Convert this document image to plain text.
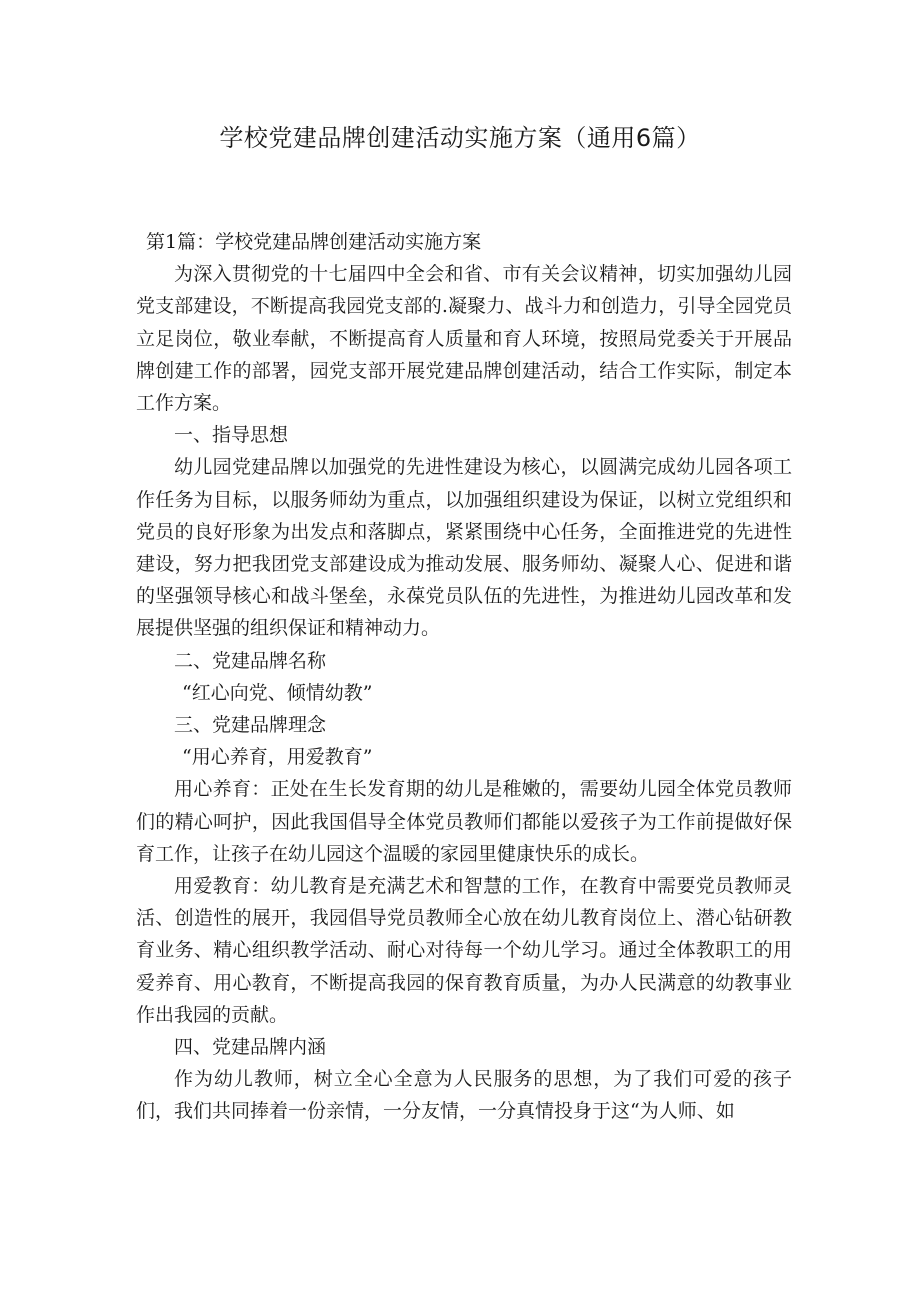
学校党建品牌创建活动实施方案（通用6篇）

第1篇：学校党建品牌创建活动实施方案

为深入贯彻党的十七届四中全会和省、市有关会议精神，切实加强幼儿园党支部建设，不断提高我园党支部的.凝聚力、战斗力和创造力，引导全园党员立足岗位，敬业奉献，不断提高育人质量和育人环境，按照局党委关于开展品牌创建工作的部署，园党支部开展党建品牌创建活动，结合工作实际，制定本工作方案。

一、指导思想

幼儿园党建品牌以加强党的先进性建设为核心，以圆满完成幼儿园各项工作任务为目标，以服务师幼为重点，以加强组织建设为保证，以树立党组织和党员的良好形象为出发点和落脚点，紧紧围绕中心任务，全面推进党的先进性建设，努力把我团党支部建设成为推动发展、服务师幼、凝聚人心、促进和谐的坚强领导核心和战斗堡垒，永葆党员队伍的先进性，为推进幼儿园改革和发展提供坚强的组织保证和精神动力。

二、党建品牌名称

“红心向党、倾情幼教”

三、党建品牌理念

“用心养育，用爱教育”

用心养育：正处在生长发育期的幼儿是稚嫩的，需要幼儿园全体党员教师们的精心呵护，因此我国倡导全体党员教师们都能以爱孩子为工作前提做好保育工作，让孩子在幼儿园这个温暖的家园里健康快乐的成长。

用爱教育：幼儿教育是充满艺术和智慧的工作，在教育中需要党员教师灵活、创造性的展开，我园倡导党员教师全心放在幼儿教育岗位上、潜心钻研教育业务、精心组织教学活动、耐心对待每一个幼儿学习。通过全体教职工的用爱养育、用心教育，不断提高我园的保育教育质量，为办人民满意的幼教事业作出我园的贡献。

四、党建品牌内涵

作为幼儿教师，树立全心全意为人民服务的思想，为了我们可爱的孩子们，我们共同捧着一份亲情，一分友情，一分真情投身于这“为人师、如
